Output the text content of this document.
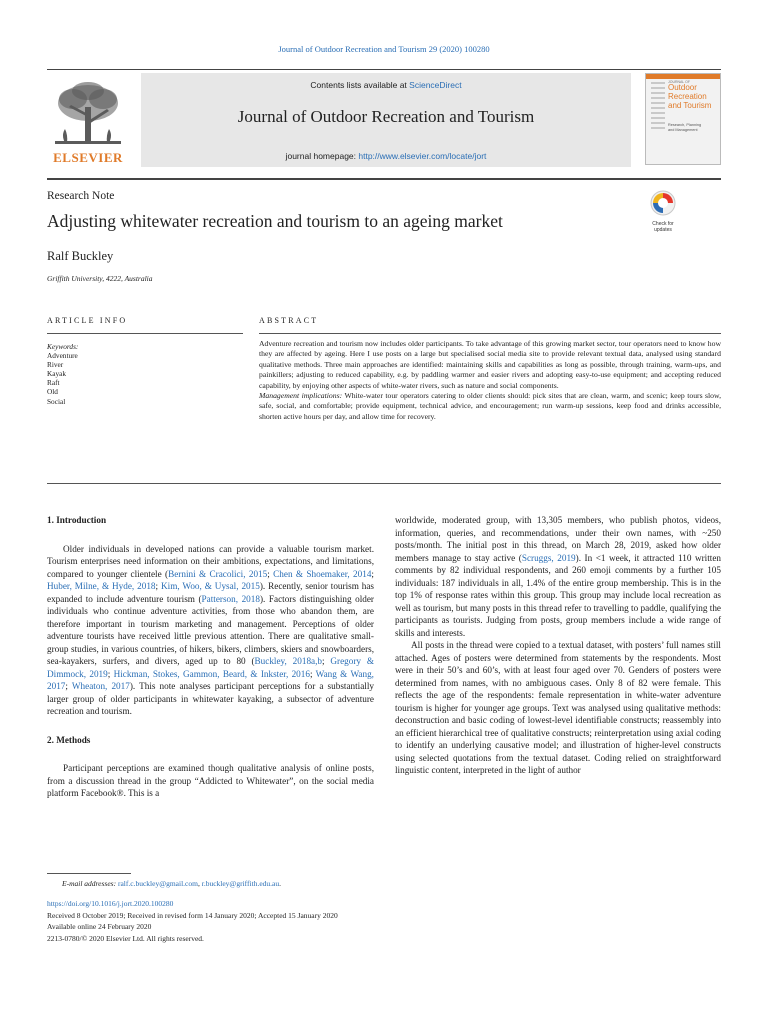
Journal of Outdoor Recreation and Tourism 29 (2020) 100280
ELSEVIER
Contents lists available at ScienceDirect
Journal of Outdoor Recreation and Tourism
journal homepage: http://www.elsevier.com/locate/jort
JOURNAL OF
Outdoor
Recreation
and Tourism
Research, Planning
and Management
Research Note
Adjusting whitewater recreation and tourism to an ageing market	Check for
updates
Ralf Buckley
Griffith University, 4222, Australia
ARTICLE INFO	ABSTRACT
Keywords:
Adventure
River
Kayak
Raft
Old
Social
Adventure recreation and tourism now includes older participants. To take advantage of this growing market sector, tour operators need to know how they are affected by ageing. Here I use posts on a large but specialised social media site to provide relevant textual data, analysed using standard qualitative methods. Three main approaches are identified: maintaining skills and capabilities as long as possible, through training, warm-ups, and painkillers; adjusting to reduced capability, e.g. by paddling warmer and easier rivers and adopting easy-to-use equipment; and accepting reduced capability, by enjoying other aspects of white-water rivers, such as nature and social components.
Management implications: White-water tour operators catering to older clients should: pick sites that are clean, warm, and scenic; keep tours slow, safe, social, and comfortable; provide equipment, technical advice, and encouragement; run warm-up sessions, keep food and drinks accessible, shorten active hours per day, and allow time for recovery.
1. Introduction

Older individuals in developed nations can provide a valuable tourism market. Tourism enterprises need information on their ambitions, expectations, and limitations, compared to younger clientele (Bernini & Cracolici, 2015; Chen & Shoemaker, 2014; Huber, Milne, & Hyde, 2018; Kim, Woo, & Uysal, 2015). Recently, senior tourism has expanded to include adventure tourism (Patterson, 2018). Factors distinguishing older individuals who continue adventure activities, from those who abandon them, are therefore important in tourism marketing and management. Perceptions of older adventure tourists have received little previous attention. There are qualitative small-group studies, in various countries, of hikers, bikers, climbers, skiers and snowboarders, sea-kayakers, surfers, and divers, aged up to 80 (Buckley, 2018a,b; Gregory & Dimmock, 2019; Hickman, Stokes, Gammon, Beard, & Inkster, 2016; Wang & Wang, 2017; Wheaton, 2017). This note analyses participant perceptions for a substantially larger group of older participants in whitewater kayaking, a subsector of adventure recreation and tourism.

2. Methods

Participant perceptions are examined though qualitative analysis of online posts, from a discussion thread in the group “Addicted to Whitewater”, on the social media platform Facebook®. This is a

worldwide, moderated group, with 13,305 members, who publish photos, videos, information, queries, and recommendations, under their own names, with ~250 posts/month. The initial post in this thread, on March 28, 2019, asked how older members manage to stay active (Scruggs, 2019). In <1 week, it attracted 110 written comments by 82 individual respondents, and 260 emoji comments by a further 105 individuals: 187 individuals in all, 1.4% of the entire group membership. This is in the top 1% of response rates within this group. This group may include local recreation as well as tourism, but many posts in this thread refer to travelling to paddle, qualifying the participants as tourists. Judging from posts, group members include a wide range of skills and interests.

All posts in the thread were copied to a textual dataset, with posters’ full names still attached. Ages of posters were determined from statements by the respondents. Most were in their 50’s and 60’s, with at least four aged over 70. Genders of posters were determined from names, with no ambiguous cases. Only 8 of 82 were female. This reflects the age of the respondents: female representation in white-water adventure tourism is higher for younger age groups. Text was analysed using qualitative methods: deconstruction and basic coding of lowest-level identifiable constructs; reassembly into an efficient hierarchical tree of qualitative constructs; reinterpretation using axial coding to identify an underlying causative model; and illustration of higher-level constructs using selected quotations from the textual dataset. Coding relied on straightforward linguistic content, interpreted in the light of author

E-mail addresses: ralf.c.buckley@gmail.com, r.buckley@griffith.edu.au.
https://doi.org/10.1016/j.jort.2020.100280
Received 8 October 2019; Received in revised form 14 January 2020; Accepted 15 January 2020
Available online 24 February 2020
2213-0780/© 2020 Elsevier Ltd. All rights reserved.
